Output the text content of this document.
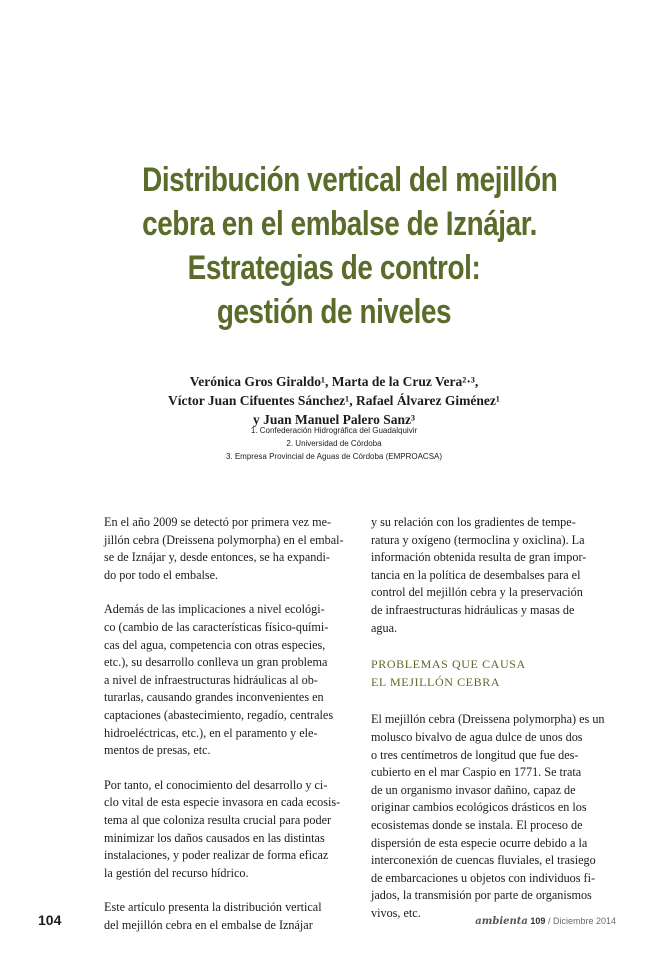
Distribución vertical del mejillón
cebra en el embalse de Iznájar.
Estrategias de control:
gestión de niveles
Verónica Gros Giraldo¹, Marta de la Cruz Vera²·³,
Víctor Juan Cifuentes Sánchez¹, Rafael Álvarez Giménez¹
y Juan Manuel Palero Sanz³
1. Confederación Hidrográfica del Guadalquivir
2. Universidad de Córdoba
3. Empresa Provincial de Aguas de Córdoba (EMPROACSA)
En el año 2009 se detectó por primera vez me-
jillón cebra (Dreissena polymorpha) en el embal-
se de Iznájar y, desde entonces, se ha expandi-
do por todo el embalse.
Además de las implicaciones a nivel ecológi-
co (cambio de las características físico-quími-
cas del agua, competencia con otras especies,
etc.), su desarrollo conlleva un gran problema
a nivel de infraestructuras hidráulicas al ob-
turarlas, causando grandes inconvenientes en
captaciones (abastecimiento, regadío, centrales
hidroeléctricas, etc.), en el paramento y ele-
mentos de presas, etc.
Por tanto, el conocimiento del desarrollo y ci-
clo vital de esta especie invasora en cada ecosis-
tema al que coloniza resulta crucial para poder
minimizar los daños causados en las distintas
instalaciones, y poder realizar de forma eficaz
la gestión del recurso hídrico.
Este artículo presenta la distribución vertical
del mejillón cebra en el embalse de Iznájar
y su relación con los gradientes de tempe-
ratura y oxígeno (termoclina y oxiclina). La
información obtenida resulta de gran impor-
tancia en la política de desembalses para el
control del mejillón cebra y la preservación
de infraestructuras hidráulicas y masas de
agua.
PROBLEMAS QUE CAUSA
EL MEJILLÓN CEBRA
El mejillón cebra (Dreissena polymorpha) es un
molusco bivalvo de agua dulce de unos dos
o tres centímetros de longitud que fue des-
cubierto en el mar Caspio en 1771. Se trata
de un organismo invasor dañino, capaz de
originar cambios ecológicos drásticos en los
ecosistemas donde se instala. El proceso de
dispersión de esta especie ocurre debido a la
interconexión de cuencas fluviales, el trasiego
de embarcaciones u objetos con individuos fi-
jados, la transmisión por parte de organismos
vivos, etc.
104	ambienta 109 / Diciembre 2014
